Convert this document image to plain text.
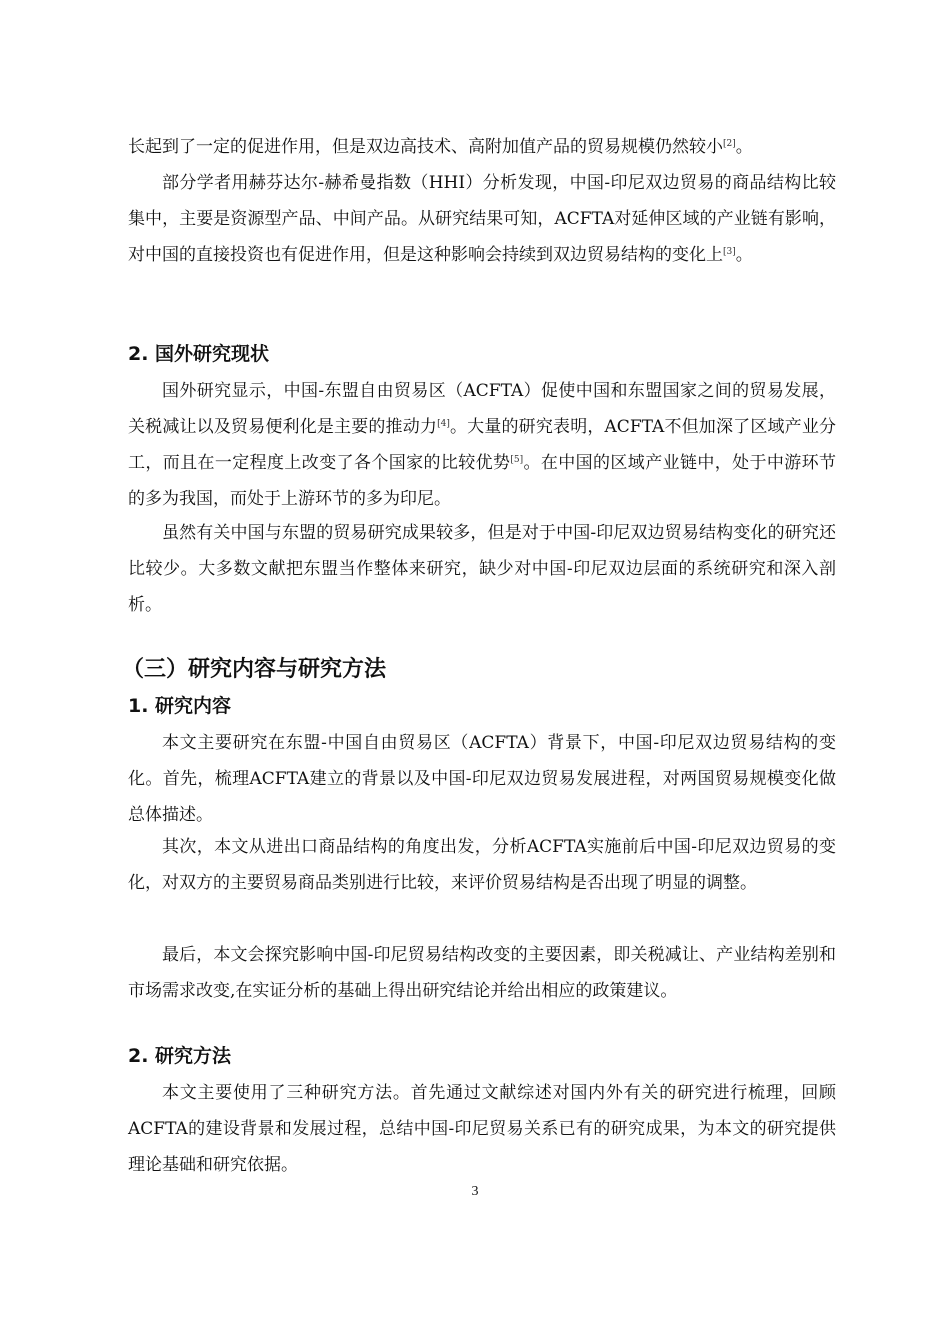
长起到了一定的促进作用，但是双边高技术、高附加值产品的贸易规模仍然较小[2]。

部分学者用赫芬达尔-赫希曼指数（HHI）分析发现，中国-印尼双边贸易的商品结构比较集中，主要是资源型产品、中间产品。从研究结果可知，ACFTA对延伸区域的产业链有影响，对中国的直接投资也有促进作用，但是这种影响会持续到双边贸易结构的变化上[3]。

2. 国外研究现状

国外研究显示，中国-东盟自由贸易区（ACFTA）促使中国和东盟国家之间的贸易发展，关税减让以及贸易便利化是主要的推动力[4]。大量的研究表明，ACFTA不但加深了区域产业分工，而且在一定程度上改变了各个国家的比较优势[5]。在中国的区域产业链中，处于中游环节的多为我国，而处于上游环节的多为印尼。

虽然有关中国与东盟的贸易研究成果较多，但是对于中国-印尼双边贸易结构变化的研究还比较少。大多数文献把东盟当作整体来研究，缺少对中国-印尼双边层面的系统研究和深入剖析。

（三）研究内容与研究方法
1. 研究内容

本文主要研究在东盟-中国自由贸易区（ACFTA）背景下，中国-印尼双边贸易结构的变化。首先，梳理ACFTA建立的背景以及中国-印尼双边贸易发展进程，对两国贸易规模变化做总体描述。

其次，本文从进出口商品结构的角度出发，分析ACFTA实施前后中国-印尼双边贸易的变化，对双方的主要贸易商品类别进行比较，来评价贸易结构是否出现了明显的调整。

最后，本文会探究影响中国-印尼贸易结构改变的主要因素，即关税减让、产业结构差别和市场需求改变,在实证分析的基础上得出研究结论并给出相应的政策建议。

2. 研究方法

本文主要使用了三种研究方法。首先通过文献综述对国内外有关的研究进行梳理，回顾ACFTA的建设背景和发展过程，总结中国-印尼贸易关系已有的研究成果，为本文的研究提供理论基础和研究依据。

3
